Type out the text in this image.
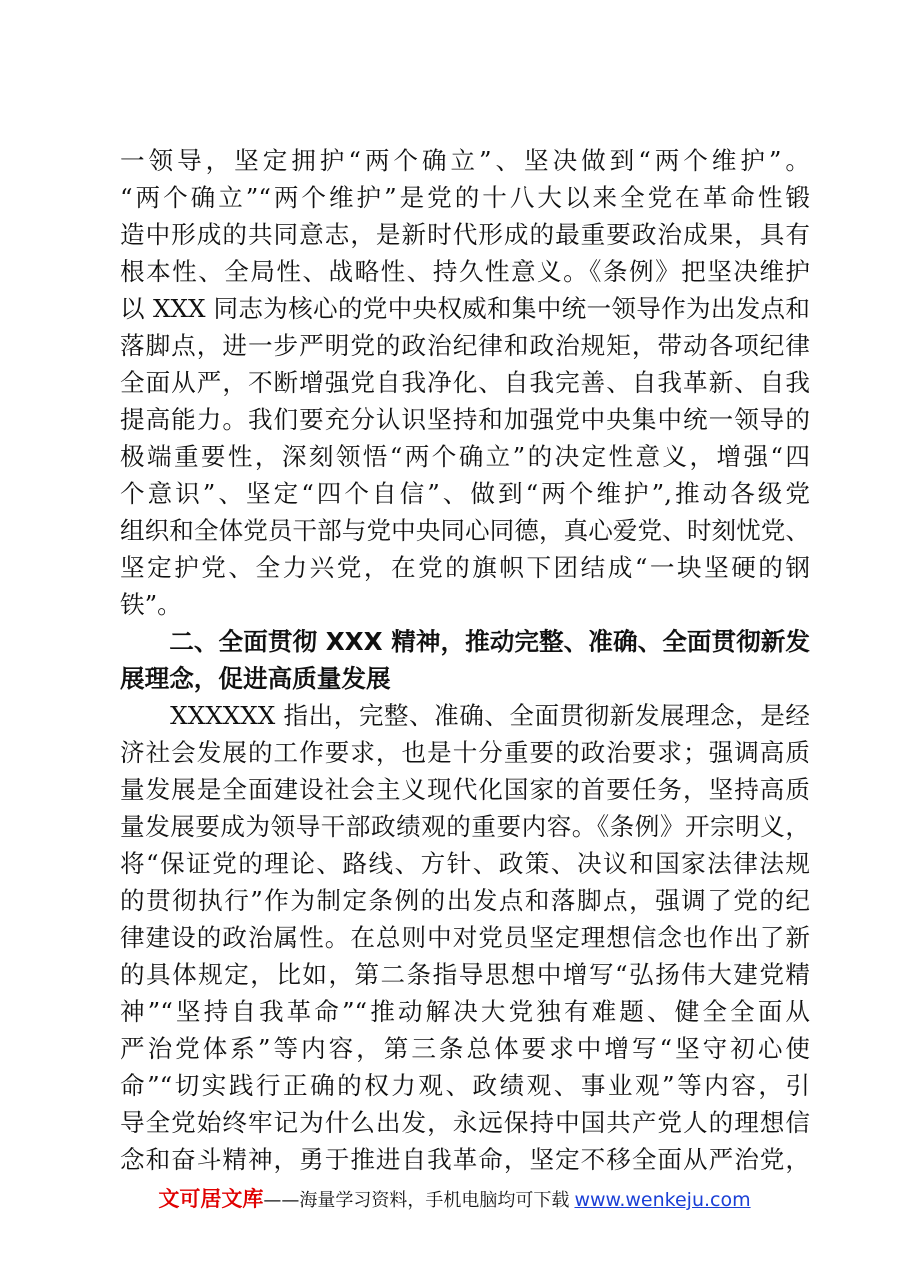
一领导，坚定拥护“两个确立”、坚决做到“两个维护”。
“两个确立”“两个维护”是党的十八大以来全党在革命性锻
造中形成的共同意志，是新时代形成的最重要政治成果，具有
根本性、全局性、战略性、持久性意义。《条例》把坚决维护
以 XXX 同志为核心的党中央权威和集中统一领导作为出发点和
落脚点，进一步严明党的政治纪律和政治规矩，带动各项纪律
全面从严，不断增强党自我净化、自我完善、自我革新、自我
提高能力。我们要充分认识坚持和加强党中央集中统一领导的
极端重要性，深刻领悟“两个确立”的决定性意义，增强“四
个意识”、坚定“四个自信”、做到“两个维护”,推动各级党
组织和全体党员干部与党中央同心同德，真心爱党、时刻忧党、
坚定护党、全力兴党，在党的旗帜下团结成“一块坚硬的钢
铁”。
　　二、全面贯彻 XXX 精神，推动完整、准确、全面贯彻新发
展理念，促进高质量发展
　　XXXXXX 指出，完整、准确、全面贯彻新发展理念，是经
济社会发展的工作要求，也是十分重要的政治要求；强调高质
量发展是全面建设社会主义现代化国家的首要任务，坚持高质
量发展要成为领导干部政绩观的重要内容。《条例》开宗明义，
将“保证党的理论、路线、方针、政策、决议和国家法律法规
的贯彻执行”作为制定条例的出发点和落脚点，强调了党的纪
律建设的政治属性。在总则中对党员坚定理想信念也作出了新
的具体规定，比如，第二条指导思想中增写“弘扬伟大建党精
神”“坚持自我革命”“推动解决大党独有难题、健全全面从
严治党体系”等内容，第三条总体要求中增写“坚守初心使
命”“切实践行正确的权力观、政绩观、事业观”等内容，引
导全党始终牢记为什么出发，永远保持中国共产党人的理想信
念和奋斗精神，勇于推进自我革命，坚定不移全面从严治党，
文可居文库——海量学习资料，手机电脑均可下载 www.wenkeju.com
